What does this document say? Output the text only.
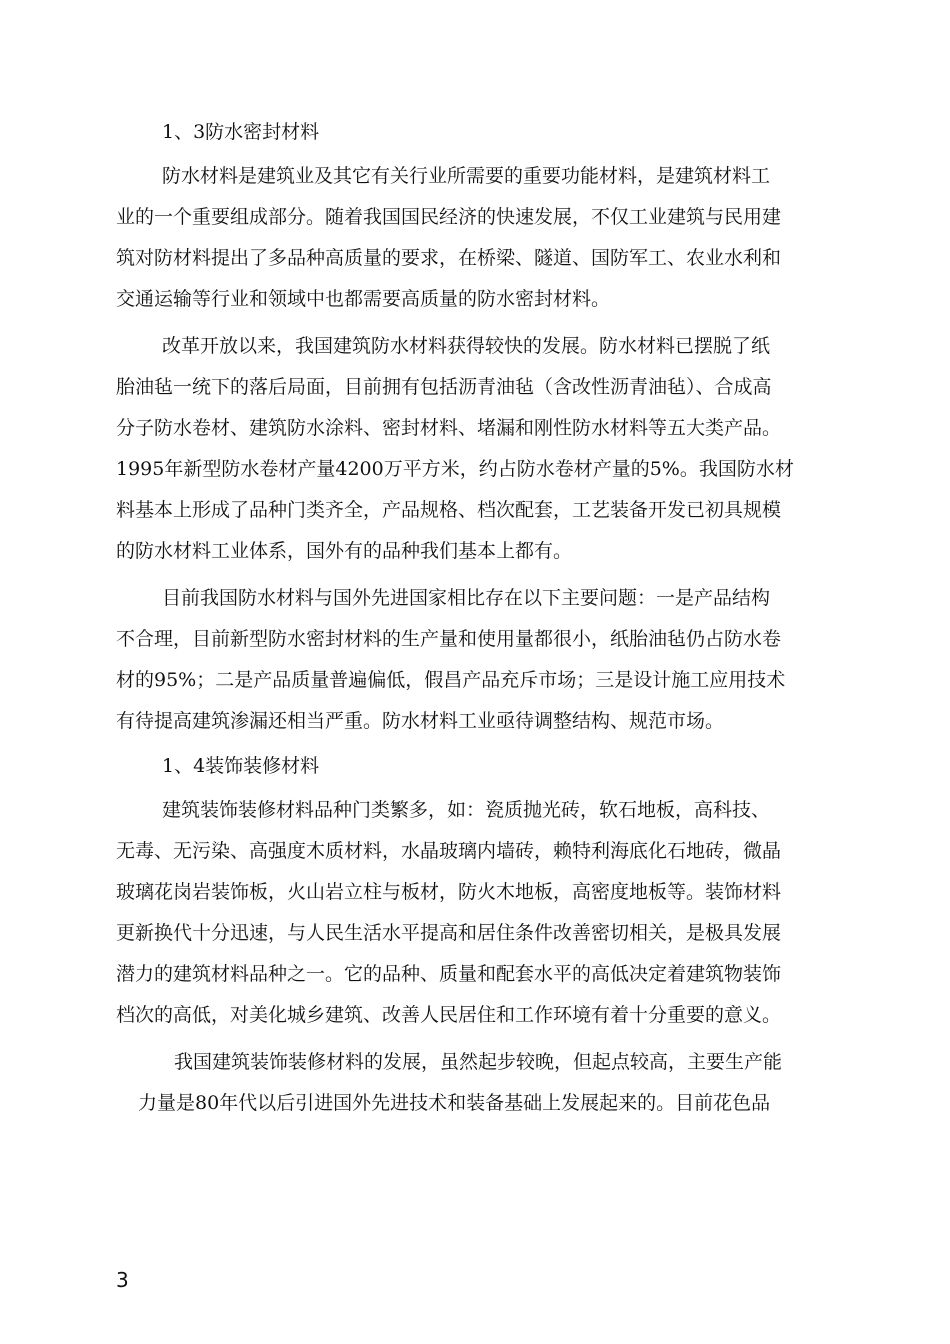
1、3防水密封材料
防水材料是建筑业及其它有关行业所需要的重要功能材料，是建筑材料工
业的一个重要组成部分。随着我国国民经济的快速发展，不仅工业建筑与民用建
筑对防材料提出了多品种高质量的要求，在桥梁、隧道、国防军工、农业水利和
交通运输等行业和领域中也都需要高质量的防水密封材料。
改革开放以来，我国建筑防水材料获得较快的发展。防水材料已摆脱了纸
胎油毡一统下的落后局面，目前拥有包括沥青油毡（含改性沥青油毡）、合成高
分子防水卷材、建筑防水涂料、密封材料、堵漏和刚性防水材料等五大类产品。
1995年新型防水卷材产量4200万平方米，约占防水卷材产量的5%。我国防水材
料基本上形成了品种门类齐全，产品规格、档次配套，工艺装备开发已初具规模
的防水材料工业体系，国外有的品种我们基本上都有。
目前我国防水材料与国外先进国家相比存在以下主要问题：一是产品结构
不合理，目前新型防水密封材料的生产量和使用量都很小，纸胎油毡仍占防水卷
材的95%；二是产品质量普遍偏低，假昌产品充斥市场；三是设计施工应用技术
有待提高建筑渗漏还相当严重。防水材料工业亟待调整结构、规范市场。
1、4装饰装修材料
建筑装饰装修材料品种门类繁多，如：瓷质抛光砖，软石地板，高科技、
无毒、无污染、高强度木质材料，水晶玻璃内墙砖，赖特利海底化石地砖，微晶
玻璃花岗岩装饰板，火山岩立柱与板材，防火木地板，高密度地板等。装饰材料
更新换代十分迅速，与人民生活水平提高和居住条件改善密切相关，是极具发展
潜力的建筑材料品种之一。它的品种、质量和配套水平的高低决定着建筑物装饰
档次的高低，对美化城乡建筑、改善人民居住和工作环境有着十分重要的意义。
我国建筑装饰装修材料的发展，虽然起步较晚，但起点较高，主要生产能
力量是80年代以后引进国外先进技术和装备基础上发展起来的。目前花色品
3
